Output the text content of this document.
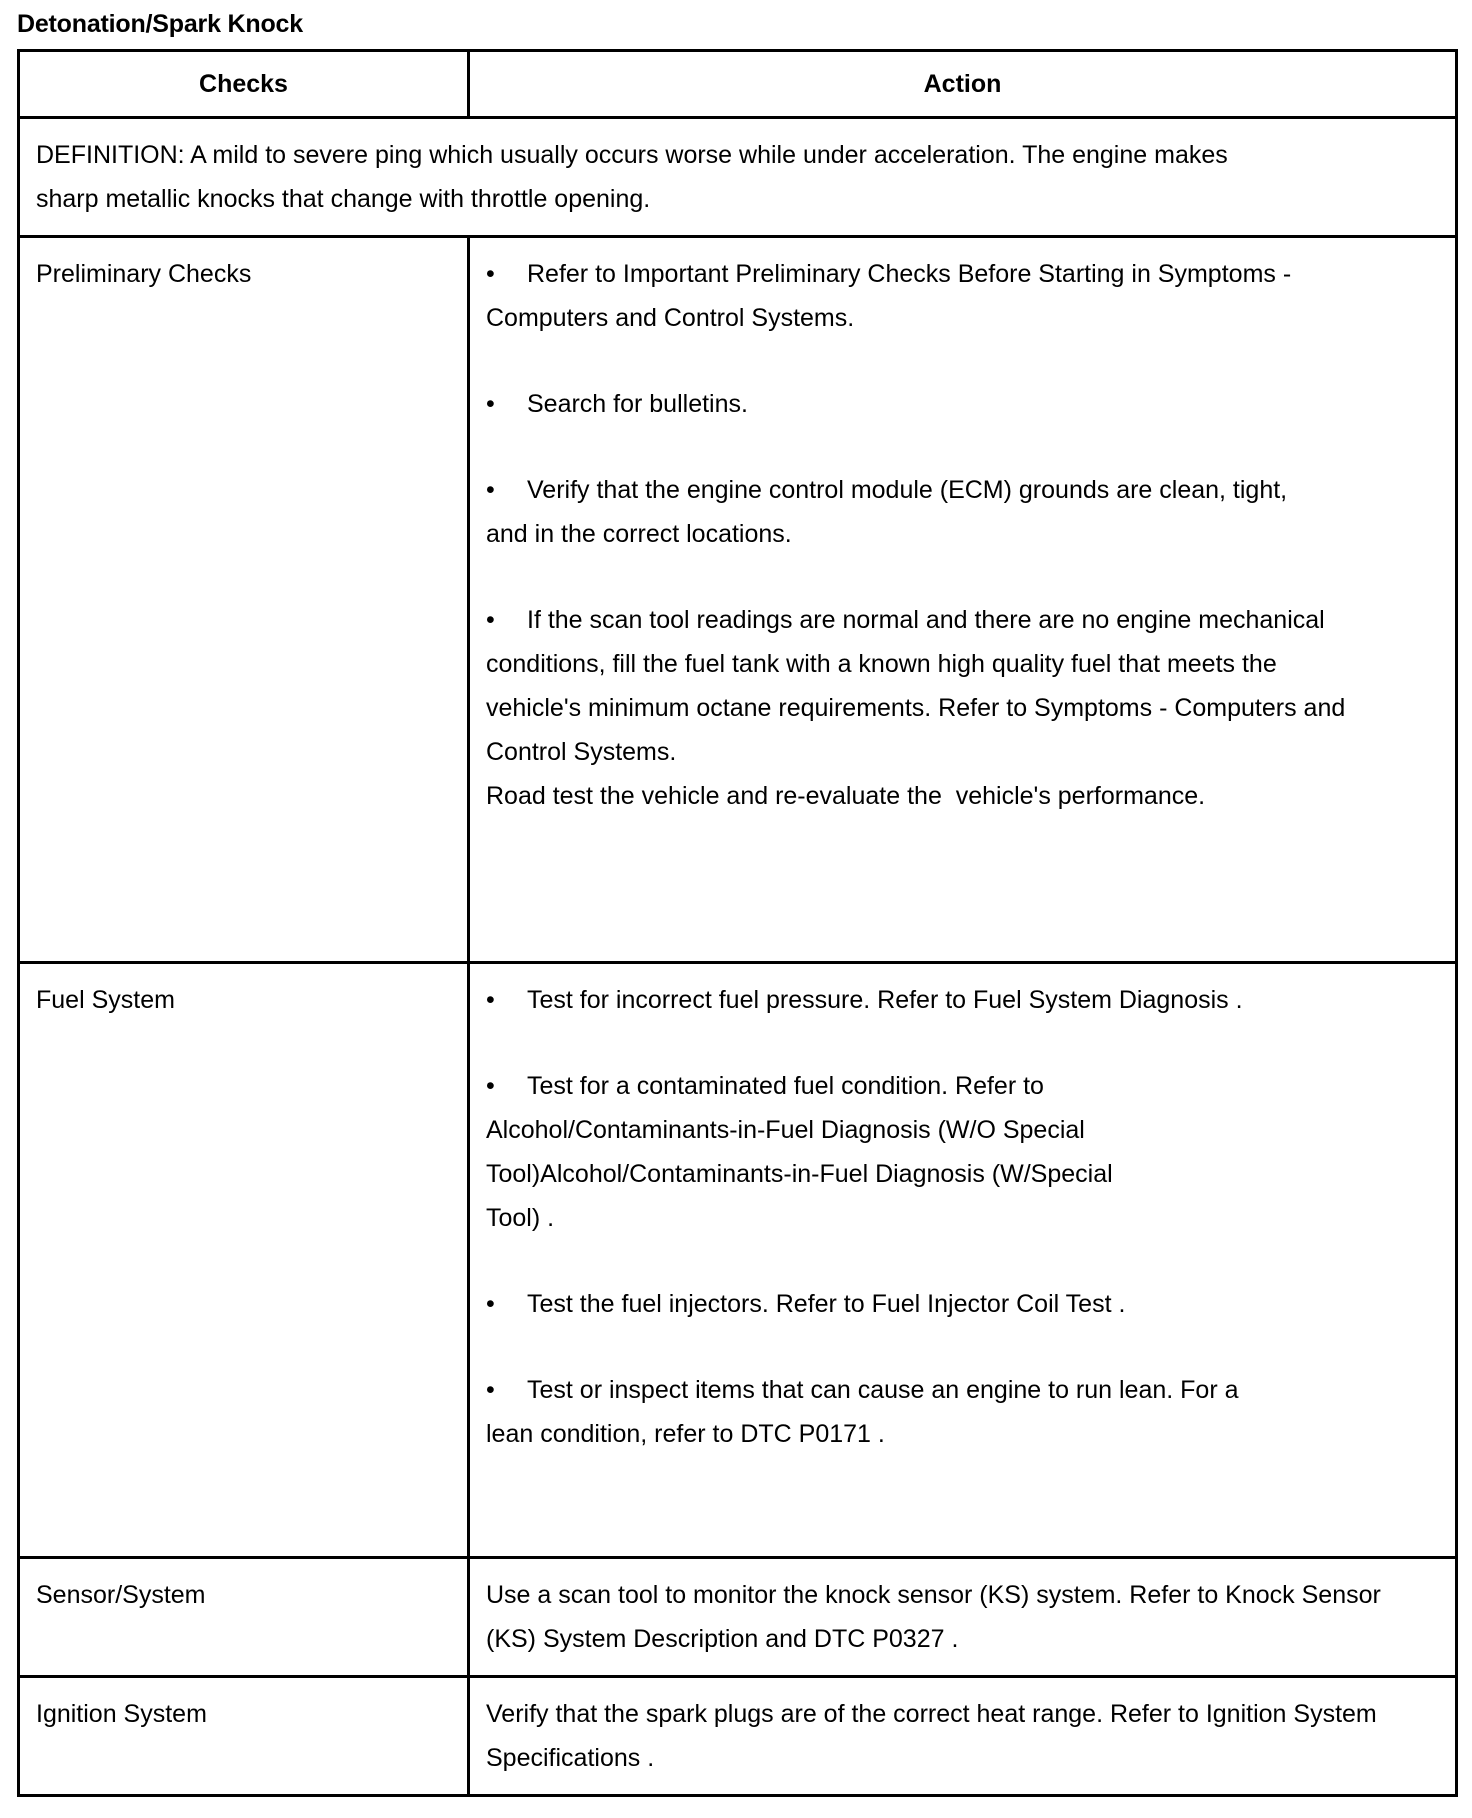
Detonation/Spark Knock
Checks	Action

DEFINITION: A mild to severe ping which usually occurs worse while under acceleration. The engine makes sharp metallic knocks that change with throttle opening.	

Preliminary Checks	• Refer to Important Preliminary Checks Before Starting in Symptoms - Computers and Control Systems.
• Search for bulletins.
• Verify that the engine control module (ECM) grounds are clean, tight, and in the correct locations.
• If the scan tool readings are normal and there are no engine mechanical conditions, fill the fuel tank with a known high quality fuel that meets the vehicle's minimum octane requirements. Refer to Symptoms - Computers and Control Systems.
Road test the vehicle and re-evaluate the  vehicle's performance.

Fuel System	• Test for incorrect fuel pressure. Refer to Fuel System Diagnosis .
• Test for a contaminated fuel condition. Refer to Alcohol/Contaminants-in-Fuel Diagnosis (W/O Special Tool)Alcohol/Contaminants-in-Fuel Diagnosis (W/Special Tool) .
• Test the fuel injectors. Refer to Fuel Injector Coil Test .
• Test or inspect items that can cause an engine to run lean. For a lean condition, refer to DTC P0171 .

Sensor/System	Use a scan tool to monitor the knock sensor (KS) system. Refer to Knock Sensor (KS) System Description and DTC P0327 .

Ignition System	Verify that the spark plugs are of the correct heat range. Refer to Ignition System Specifications .
